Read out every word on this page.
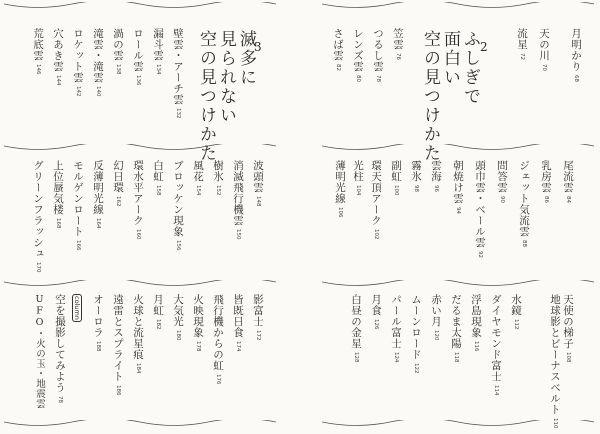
3
滅多に
見られない
空の見つけかた
壁雲・アーチ雲132
漏斗雲134
ロール雲136
渦の雲138
滝雲・滝雲140
ロケット雲142
穴あき雲144
荒底雲146
波頭雲148
消滅飛行機雲150
樹氷152
風花154
ブロッケン現象156
白虹158
環水平アーク160
幻日環162
反薄明光線164
モルゲンロート166
上位蜃気楼168
グリーンフラッシュ170
影富士172
皆既日食174
飛行機からの虹176
火映現象178
大気光180
月虹182
火球と流星痕184
遠雷とスプライト186
オーロラ188
column
空を撮影してみよう78
UFO・火の玉・地震雲
月明かり68
天の川70
流星72
2
ふしぎで
面白い
空の見つけかた
笠雲76
つるし雲78
レンズ雲80
さば雲82
尾流雲84
乳房雲86
ジェット気流雲88
問答雲90
頭巾雲・ベール雲92
朝焼け雲94
雲海96
霧氷98
副虹100
環天頂アーク102
光柱104
薄明光線106
天使の梯子108
地球影とビーナスベルト110
水鏡112
ダイヤモンド富士114
浮島現象116
だるま太陽118
赤い月120
ムーンロード122
パール富士124
月食126
白昼の金星128
